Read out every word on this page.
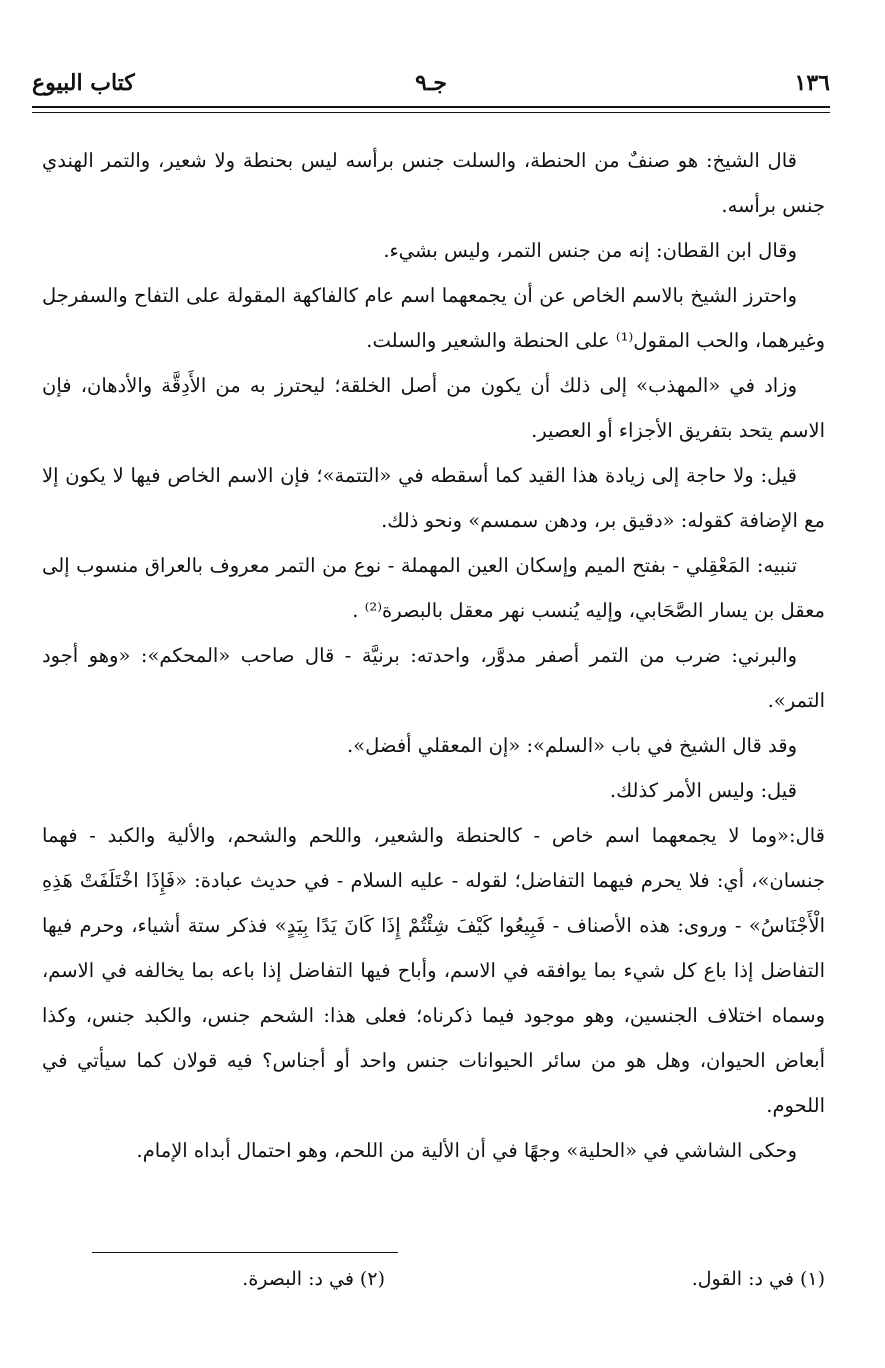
١٣٦
جـ٩
كتاب البيوع

قال الشيخ: هو صنفٌ من الحنطة، والسلت جنس برأسه ليس بحنطة ولا شعير، والتمر الهندي جنس برأسه.

وقال ابن القطان: إنه من جنس التمر، وليس بشيء.

واحترز الشيخ بالاسم الخاص عن أن يجمعهما اسم عام كالفاكهة المقولة على التفاح والسفرجل وغيرهما، والحب المقول⁽¹⁾ على الحنطة والشعير والسلت.

وزاد في «المهذب» إلى ذلك أن يكون من أصل الخلقة؛ ليحترز به من الأَدِقَّة والأدهان، فإن الاسم يتحد بتفريق الأجزاء أو العصير.

قيل: ولا حاجة إلى زيادة هذا القيد كما أسقطه في «التتمة»؛ فإن الاسم الخاص فيها لا يكون إلا مع الإضافة كقوله: «دقيق بر، ودهن سمسم» ونحو ذلك.

تنبيه: المَعْقِلي - بفتح الميم وإسكان العين المهملة - نوع من التمر معروف بالعراق منسوب إلى معقل بن يسار الصَّحَابي، وإليه يُنسب نهر معقل بالبصرة⁽²⁾ .

والبرني: ضرب من التمر أصفر مدوَّر، واحدته: برنيَّة - قال صاحب «المحكم»: «وهو أجود التمر».

وقد قال الشيخ في باب «السلم»: «إن المعقلي أفضل».

قيل: وليس الأمر كذلك.

قال:«وما لا يجمعهما اسم خاص - كالحنطة والشعير، واللحم والشحم، والألية والكبد - فهما جنسان»، أي: فلا يحرم فيهما التفاضل؛ لقوله - عليه السلام - في حديث عبادة: «فَإِذَا اخْتَلَفَتْ هَذِهِ الْأَجْنَاسُ» - وروى: هذه الأصناف - فَبِيعُوا كَيْفَ شِئْتُمْ إِذَا كَانَ يَدًا بِيَدٍ» فذكر ستة أشياء، وحرم فيها التفاضل إذا باع كل شيء بما يوافقه في الاسم، وأباح فيها التفاضل إذا باعه بما يخالفه في الاسم، وسماه اختلاف الجنسين، وهو موجود فيما ذكرناه؛ فعلى هذا: الشحم جنس، والكبد جنس، وكذا أبعاض الحيوان، وهل هو من سائر الحيوانات جنس واحد أو أجناس؟ فيه قولان كما سيأتي في اللحوم.

وحكى الشاشي في «الحلية» وجهًا في أن الألية من اللحم، وهو احتمال أبداه الإمام.

(١) في د: القول.
(٢) في د: البصرة.
